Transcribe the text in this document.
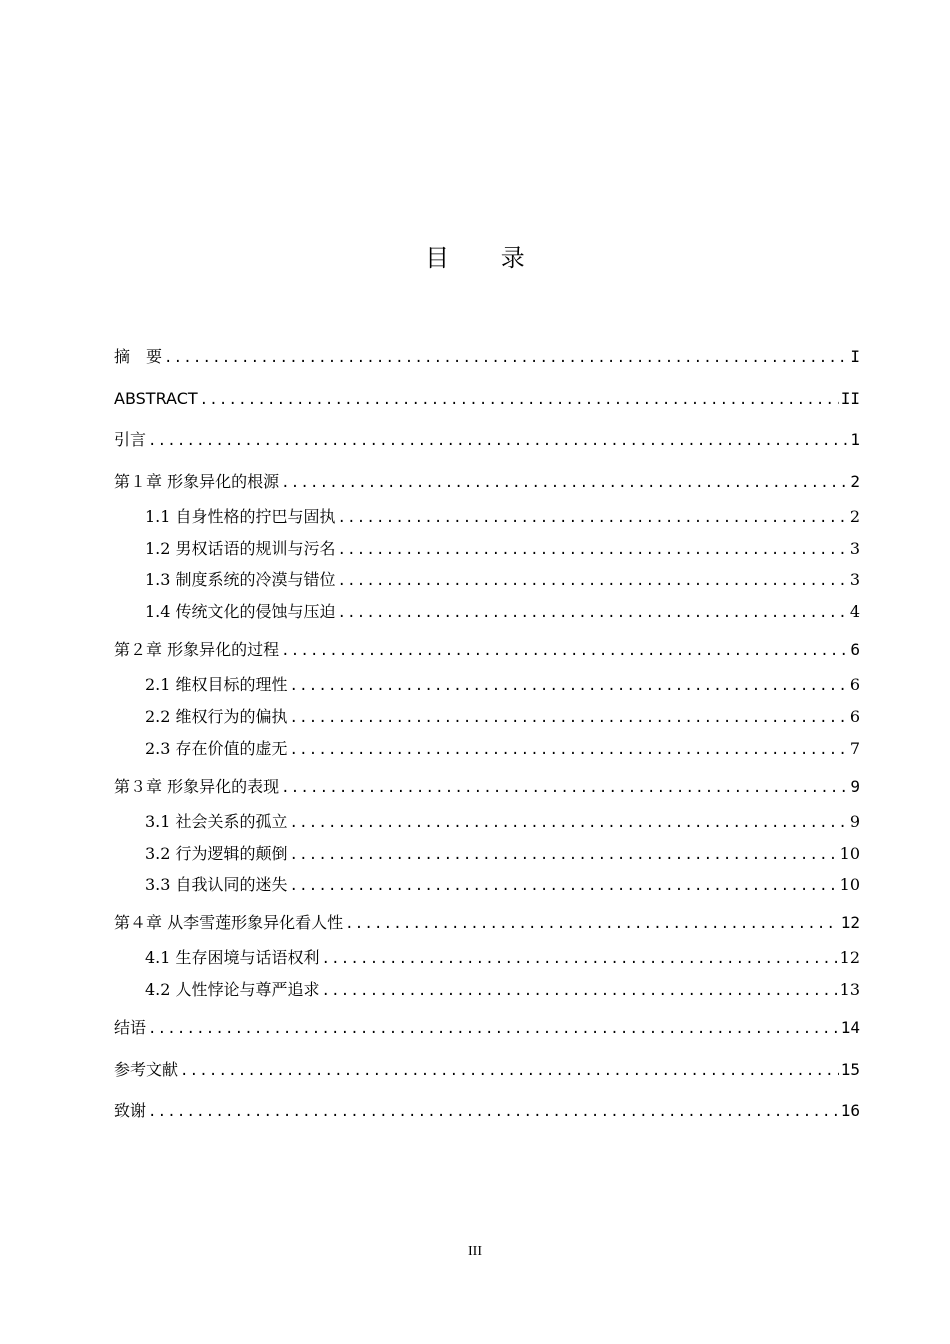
目 录
摘　要 .....	I
ABSTRACT .....	II
引言 .....	1
第１章 形象异化的根源 .....	2
1.1 自身性格的拧巴与固执 .....	2
1.2 男权话语的规训与污名 .....	3
1.3 制度系统的冷漠与错位 .....	3
1.4 传统文化的侵蚀与压迫 .....	4
第２章 形象异化的过程 .....	6
2.1 维权目标的理性 .....	6
2.2 维权行为的偏执 .....	6
2.3 存在价值的虚无 .....	7
第３章 形象异化的表现 .....	9
3.1 社会关系的孤立 .....	9
3.2 行为逻辑的颠倒 .....	10
3.3 自我认同的迷失 .....	10
第４章 从李雪莲形象异化看人性 .....	12
4.1 生存困境与话语权利 .....	12
4.2 人性悖论与尊严追求 .....	13
结语 .....	14
参考文献 .....	15
致谢 .....	16
III
